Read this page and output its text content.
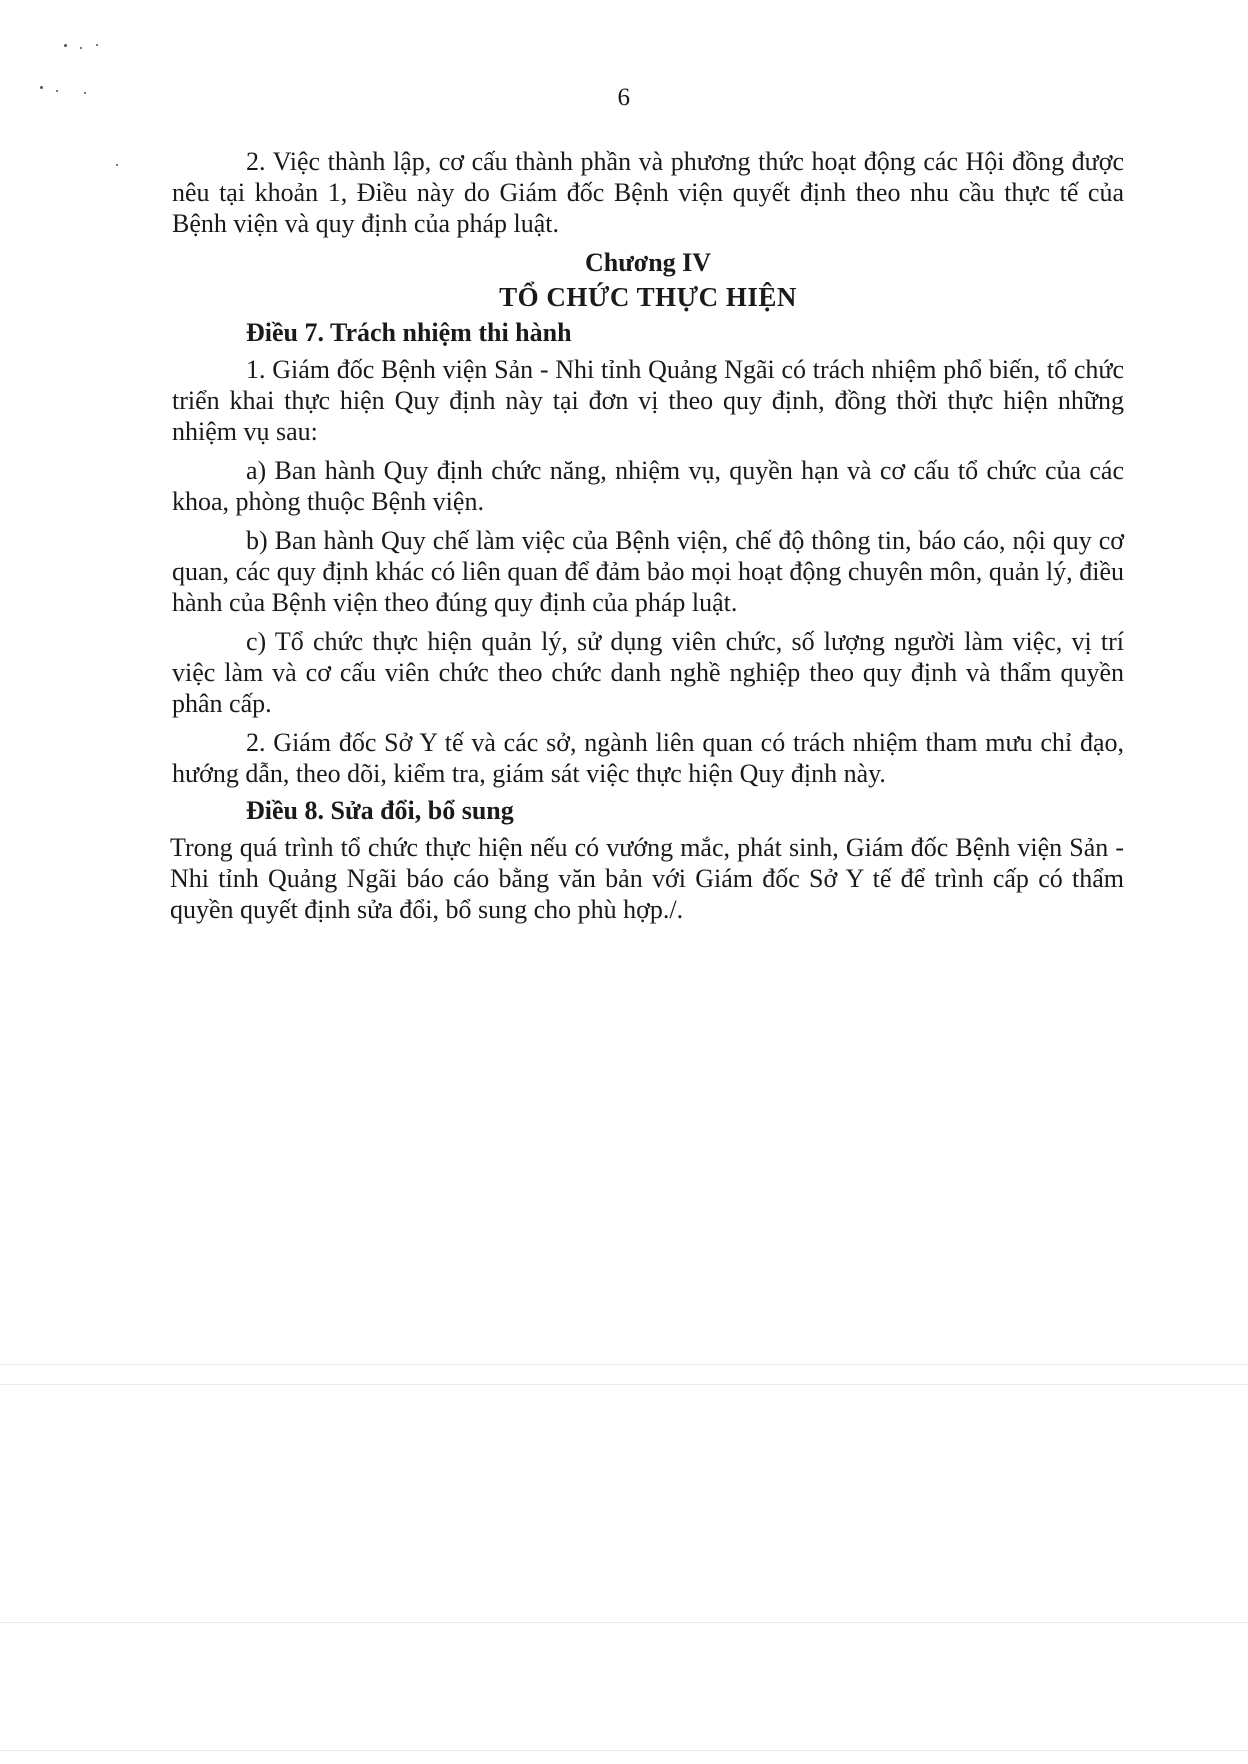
6

2. Việc thành lập, cơ cấu thành phần và phương thức hoạt động các Hội đồng được nêu tại khoản 1, Điều này do Giám đốc Bệnh viện quyết định theo nhu cầu thực tế của Bệnh viện và quy định của pháp luật.

Chương IV
TỔ CHỨC THỰC HIỆN
Điều 7. Trách nhiệm thi hành

1. Giám đốc Bệnh viện Sản - Nhi tỉnh Quảng Ngãi có trách nhiệm phổ biến, tổ chức triển khai thực hiện Quy định này tại đơn vị theo quy định, đồng thời thực hiện những nhiệm vụ sau:

a) Ban hành Quy định chức năng, nhiệm vụ, quyền hạn và cơ cấu tổ chức của các khoa, phòng thuộc Bệnh viện.

b) Ban hành Quy chế làm việc của Bệnh viện, chế độ thông tin, báo cáo, nội quy cơ quan, các quy định khác có liên quan để đảm bảo mọi hoạt động chuyên môn, quản lý, điều hành của Bệnh viện theo đúng quy định của pháp luật.

c) Tổ chức thực hiện quản lý, sử dụng viên chức, số lượng người làm việc, vị trí việc làm và cơ cấu viên chức theo chức danh nghề nghiệp theo quy định và thẩm quyền phân cấp.

2. Giám đốc Sở Y tế và các sở, ngành liên quan có trách nhiệm tham mưu chỉ đạo, hướng dẫn, theo dõi, kiểm tra, giám sát việc thực hiện Quy định này.

Điều 8. Sửa đổi, bổ sung

Trong quá trình tổ chức thực hiện nếu có vướng mắc, phát sinh, Giám đốc Bệnh viện Sản - Nhi tỉnh Quảng Ngãi báo cáo bằng văn bản với Giám đốc Sở Y tế để trình cấp có thẩm quyền quyết định sửa đổi, bổ sung cho phù hợp./.
